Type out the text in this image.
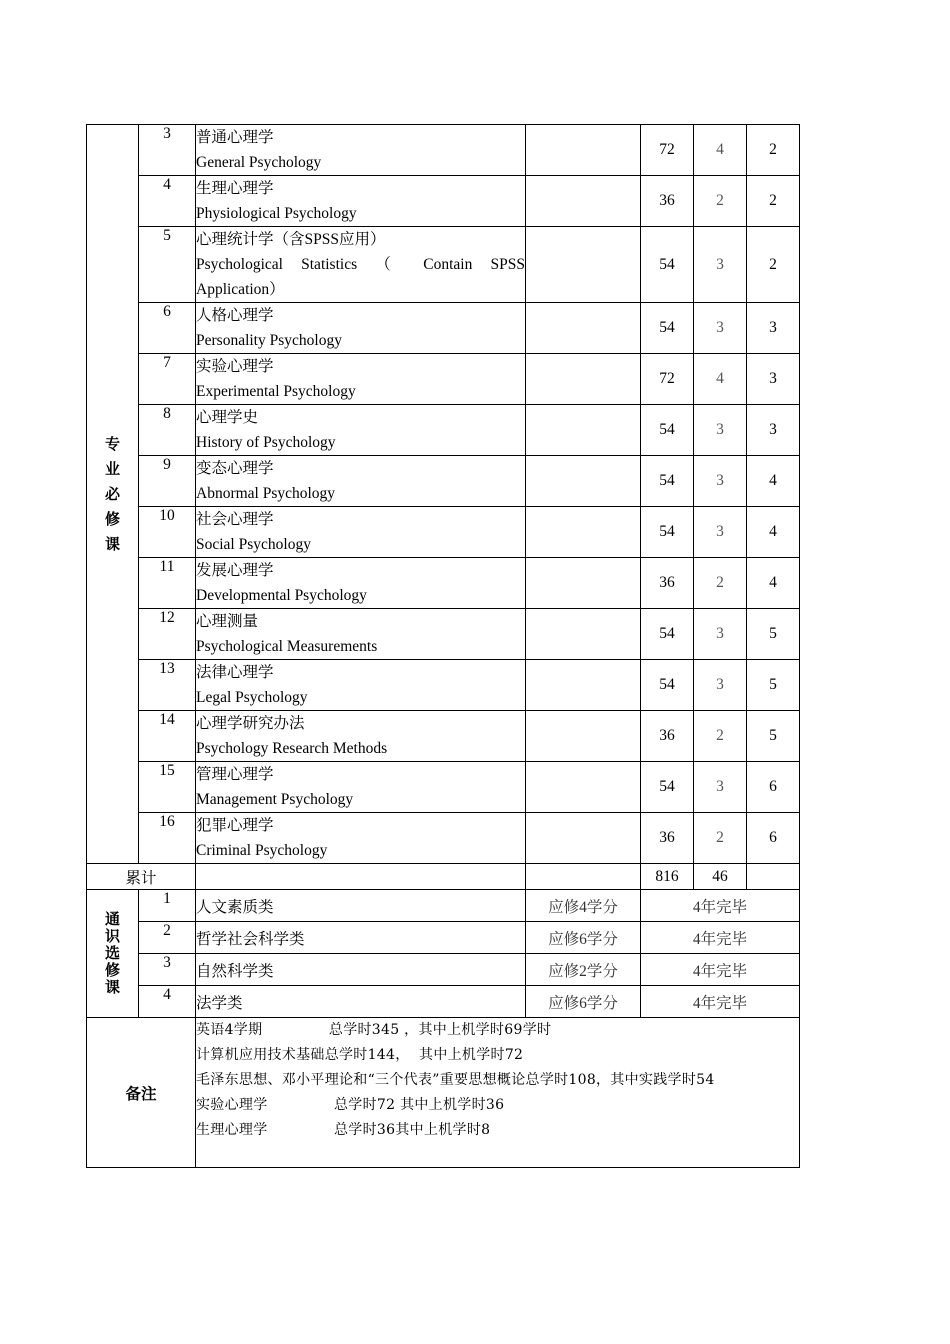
专
业
必
修
课	3	普通心理学
General Psychology		72	4	2
	4	生理心理学
Physiological Psychology		36	2	2
	5	心理统计学（含SPSS应用）
Psychological Statistics （ Contain SPSS Application）		54	3	2
	6	人格心理学
Personality Psychology		54	3	3
	7	实验心理学
Experimental Psychology		72	4	3
	8	心理学史
History of Psychology		54	3	3
	9	变态心理学
Abnormal Psychology		54	3	4
	10	社会心理学
Social Psychology		54	3	4
	11	发展心理学
Developmental Psychology		36	2	4
	12	心理测量
Psychological Measurements		54	3	5
	13	法律心理学
Legal Psychology		54	3	5
	14	心理学研究办法
Psychology Research Methods		36	2	5
	15	管理心理学
Management Psychology		54	3	6
	16	犯罪心理学
Criminal Psychology		36	2	6
累计				816	46	

通
识
选
修
课	1	人文素质类	应修4学分	4年完毕		
	2	哲学社会科学类	应修6学分	4年完毕		
	3	自然科学类	应修2学分	4年完毕		
	4	法学类	应修6学分	4年完毕		
备注		英语4学期              总学时345 ，其中上机学时69学时
计算机应用技术基础总学时144，  其中上机学时72
毛泽东思想、邓小平理论和“三个代表”重要思想概论总学时108，其中实践学时54
实验心理学              总学时72 其中上机学时36
生理心理学              总学时36其中上机学时8				
